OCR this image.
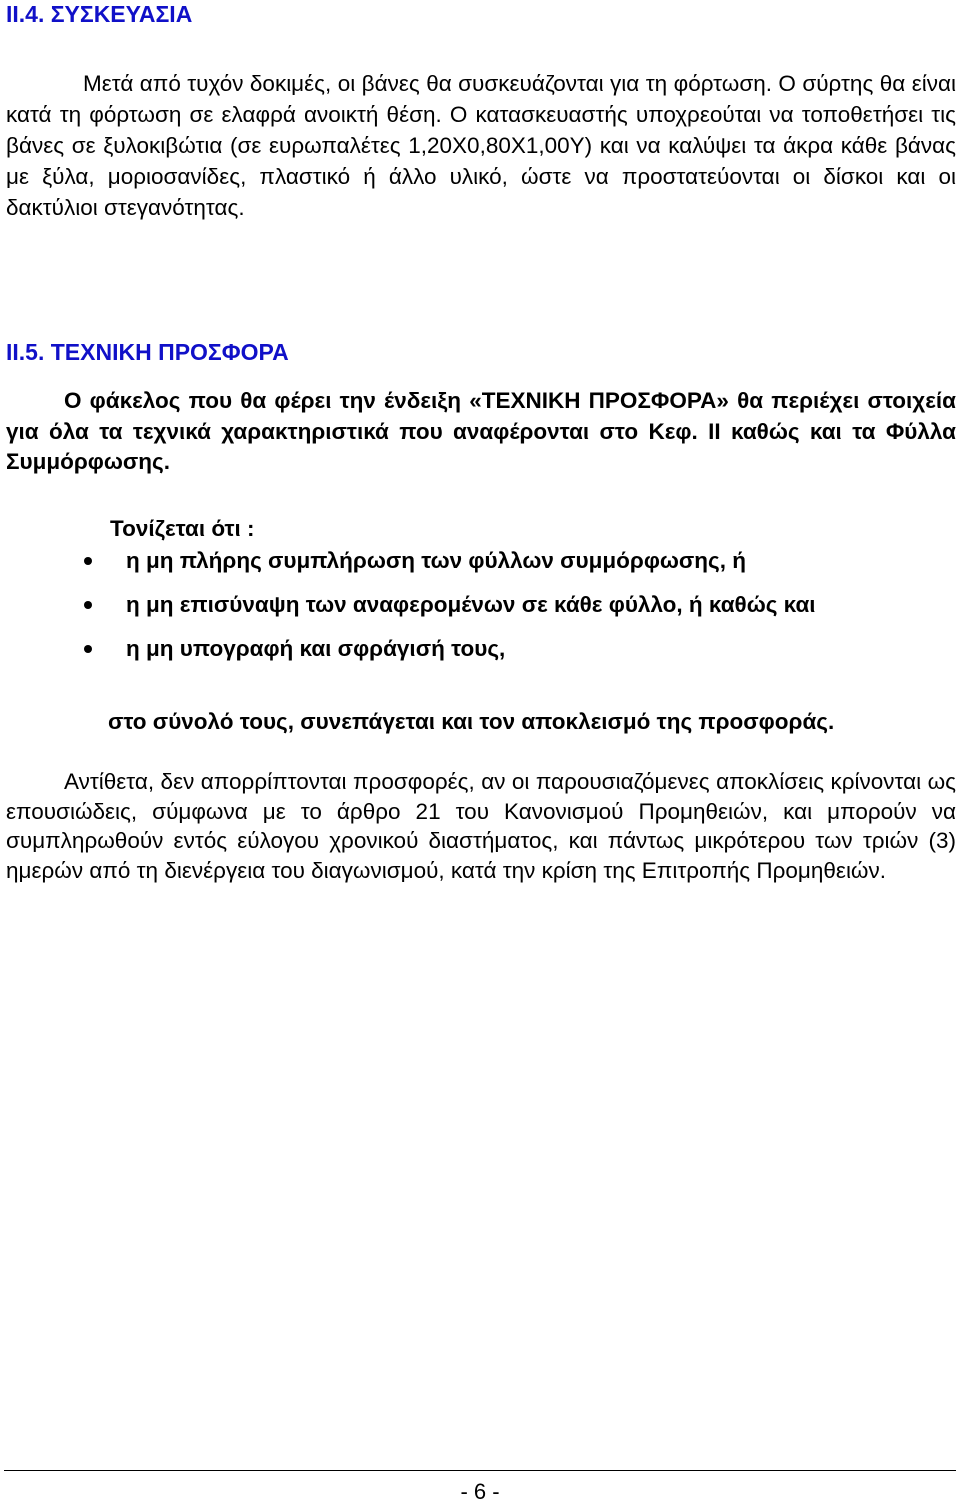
ΙΙ.4. ΣΥΣΚΕΥΑΣΙΑ

Μετά από τυχόν δοκιμές, οι βάνες θα συσκευάζονται για τη φόρτωση. Ο σύρτης θα είναι κατά τη φόρτωση σε ελαφρά ανοικτή θέση. Ο κατασκευαστής υποχρεούται να τοποθετήσει τις βάνες σε ξυλοκιβώτια (σε ευρωπαλέτες 1,20Χ0,80Χ1,00Υ) και να καλύψει τα άκρα κάθε βάνας με ξύλα, μοριοσανίδες, πλαστικό ή άλλο υλικό, ώστε να προστατεύονται οι δίσκοι και οι δακτύλιοι στεγανότητας.

ΙΙ.5. ΤΕΧΝΙΚΗ ΠΡΟΣΦΟΡΑ

Ο φάκελος που θα φέρει την ένδειξη «ΤΕΧΝΙΚΗ ΠΡΟΣΦΟΡΑ» θα περιέχει στοιχεία για όλα τα τεχνικά χαρακτηριστικά που αναφέρονται στο Κεφ. ΙΙ καθώς και τα Φύλλα Συμμόρφωσης.

Τονίζεται ότι :
η μη πλήρης συμπλήρωση των φύλλων συμμόρφωσης, ή
η μη επισύναψη των αναφερομένων σε κάθε φύλλο, ή καθώς και
η μη υπογραφή και σφράγισή τους,
στο σύνολό τους, συνεπάγεται και τον αποκλεισμό της προσφοράς.

Αντίθετα, δεν απορρίπτονται προσφορές, αν οι παρουσιαζόμενες αποκλίσεις κρίνονται ως επουσιώδεις, σύμφωνα με το άρθρο 21 του Κανονισμού Προμηθειών, και μπορούν να συμπληρωθούν εντός εύλογου χρονικού διαστήματος, και πάντως μικρότερου των τριών (3) ημερών από τη διενέργεια του διαγωνισμού, κατά την κρίση της Επιτροπής Προμηθειών.

- 6 -
